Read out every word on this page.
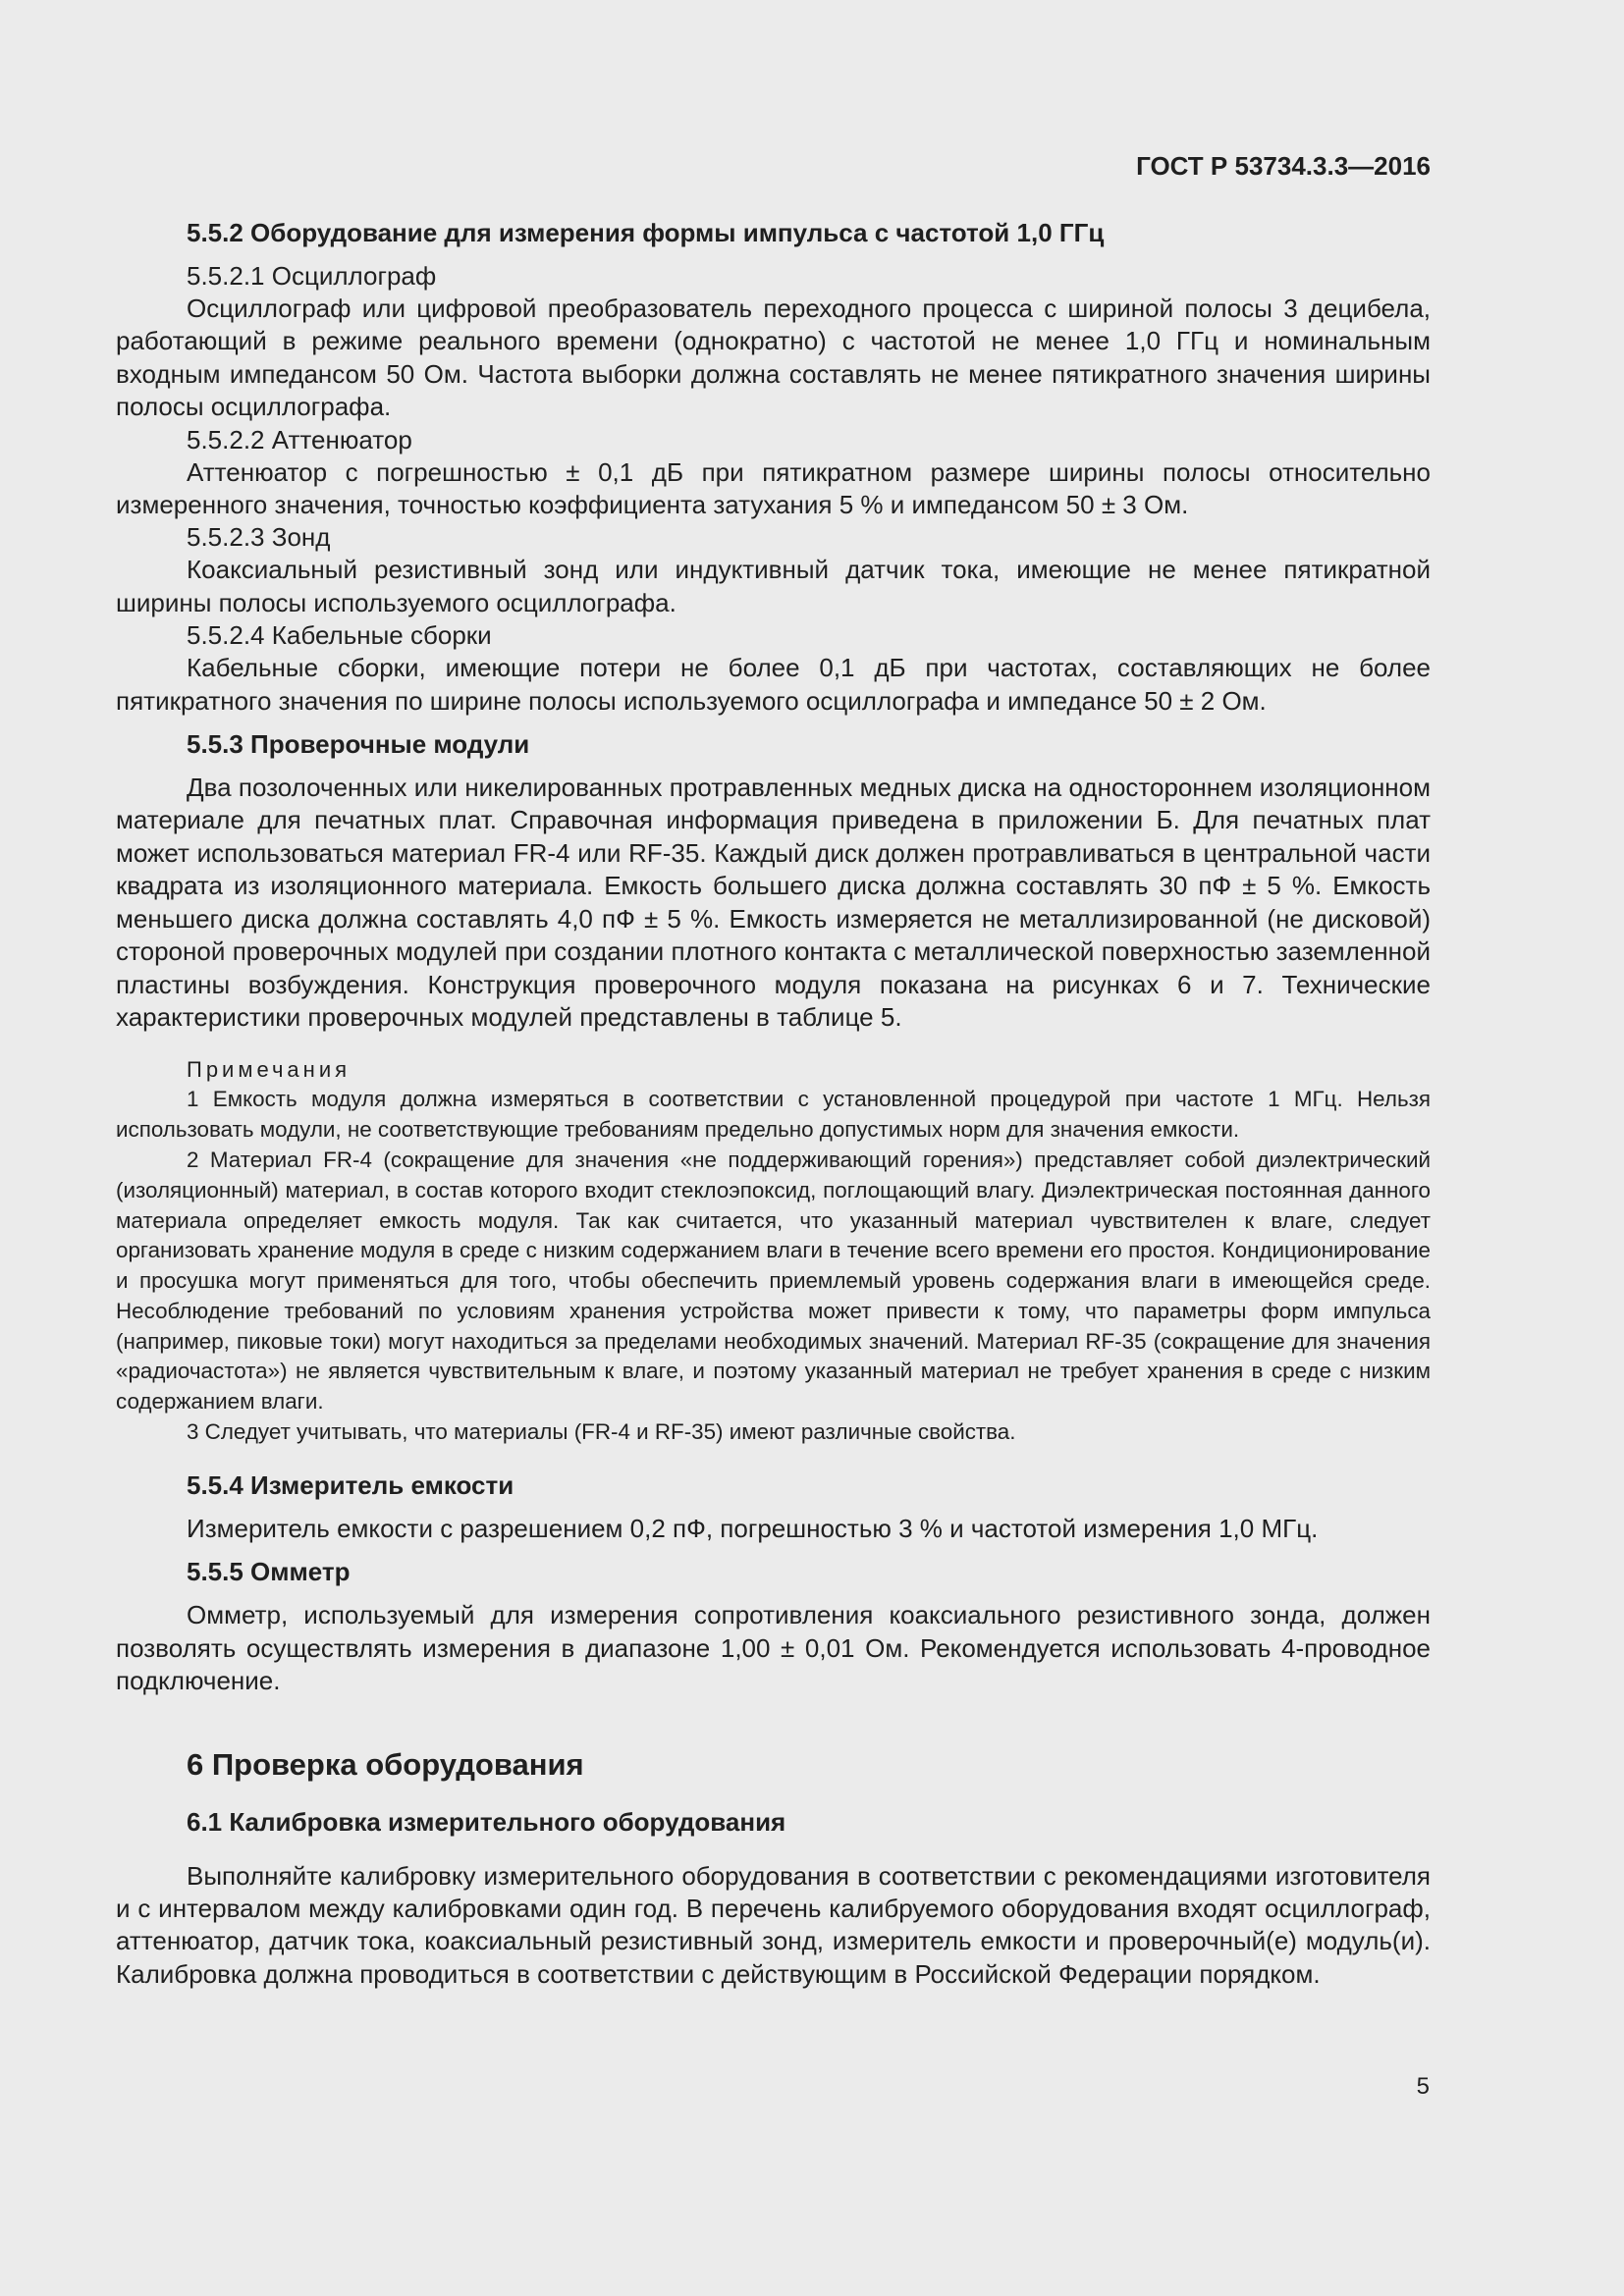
ГОСТ Р 53734.3.3—2016
5.5.2 Оборудование для измерения формы импульса с частотой 1,0 ГГц
5.5.2.1 Осциллограф

Осциллограф или цифровой преобразователь переходного процесса с шириной полосы 3 децибела, работающий в режиме реального времени (однократно) с частотой не менее 1,0 ГГц и номинальным входным импедансом 50 Ом. Частота выборки должна составлять не менее пятикратного значения ширины полосы осциллографа.

5.5.2.2 Аттенюатор

Аттенюатор с погрешностью ± 0,1 дБ при пятикратном размере ширины полосы относительно измеренного значения, точностью коэффициента затухания 5 % и импедансом 50 ± 3 Ом.

5.5.2.3 Зонд

Коаксиальный резистивный зонд или индуктивный датчик тока, имеющие не менее пятикратной ширины полосы используемого осциллографа.

5.5.2.4 Кабельные сборки

Кабельные сборки, имеющие потери не более 0,1 дБ при частотах, составляющих не более пятикратного значения по ширине полосы используемого осциллографа и импедансе 50 ± 2 Ом.

5.5.3 Проверочные модули

Два позолоченных или никелированных протравленных медных диска на одностороннем изоляционном материале для печатных плат. Справочная информация приведена в приложении Б. Для печатных плат может использоваться материал FR-4 или RF-35. Каждый диск должен протравливаться в центральной части квадрата из изоляционного материала. Емкость большего диска должна составлять 30 пФ ± 5 %. Емкость меньшего диска должна составлять 4,0 пФ ± 5 %. Емкость измеряется не металлизированной (не дисковой) стороной проверочных модулей при создании плотного контакта с металлической поверхностью заземленной пластины возбуждения. Конструкция проверочного модуля показана на рисунках 6 и 7. Технические характеристики проверочных модулей представлены в таблице 5.

Примечания

1 Емкость модуля должна измеряться в соответствии с установленной процедурой при частоте 1 МГц. Нельзя использовать модули, не соответствующие требованиям предельно допустимых норм для значения емкости.

2 Материал FR-4 (сокращение для значения «не поддерживающий горения») представляет собой диэлектрический (изоляционный) материал, в состав которого входит стеклоэпоксид, поглощающий влагу. Диэлектрическая постоянная данного материала определяет емкость модуля. Так как считается, что указанный материал чувствителен к влаге, следует организовать хранение модуля в среде с низким содержанием влаги в течение всего времени его простоя. Кондиционирование и просушка могут применяться для того, чтобы обеспечить приемлемый уровень содержания влаги в имеющейся среде. Несоблюдение требований по условиям хранения устройства может привести к тому, что параметры форм импульса (например, пиковые токи) могут находиться за пределами необходимых значений. Материал RF-35 (сокращение для значения «радиочастота») не является чувствительным к влаге, и поэтому указанный материал не требует хранения в среде с низким содержанием влаги.

3 Следует учитывать, что материалы (FR-4 и RF-35) имеют различные свойства.

5.5.4 Измеритель емкости

Измеритель емкости с разрешением 0,2 пФ, погрешностью 3 % и частотой измерения 1,0 МГц.

5.5.5 Омметр

Омметр, используемый для измерения сопротивления коаксиального резистивного зонда, должен позволять осуществлять измерения в диапазоне 1,00 ± 0,01 Ом. Рекомендуется использовать 4-проводное подключение.

6 Проверка оборудования
6.1 Калибровка измерительного оборудования

Выполняйте калибровку измерительного оборудования в соответствии с рекомендациями изготовителя и с интервалом между калибровками один год. В перечень калибруемого оборудования входят осциллограф, аттенюатор, датчик тока, коаксиальный резистивный зонд, измеритель емкости и проверочный(е) модуль(и). Калибровка должна проводиться в соответствии с действующим в Российской Федерации порядком.

5
